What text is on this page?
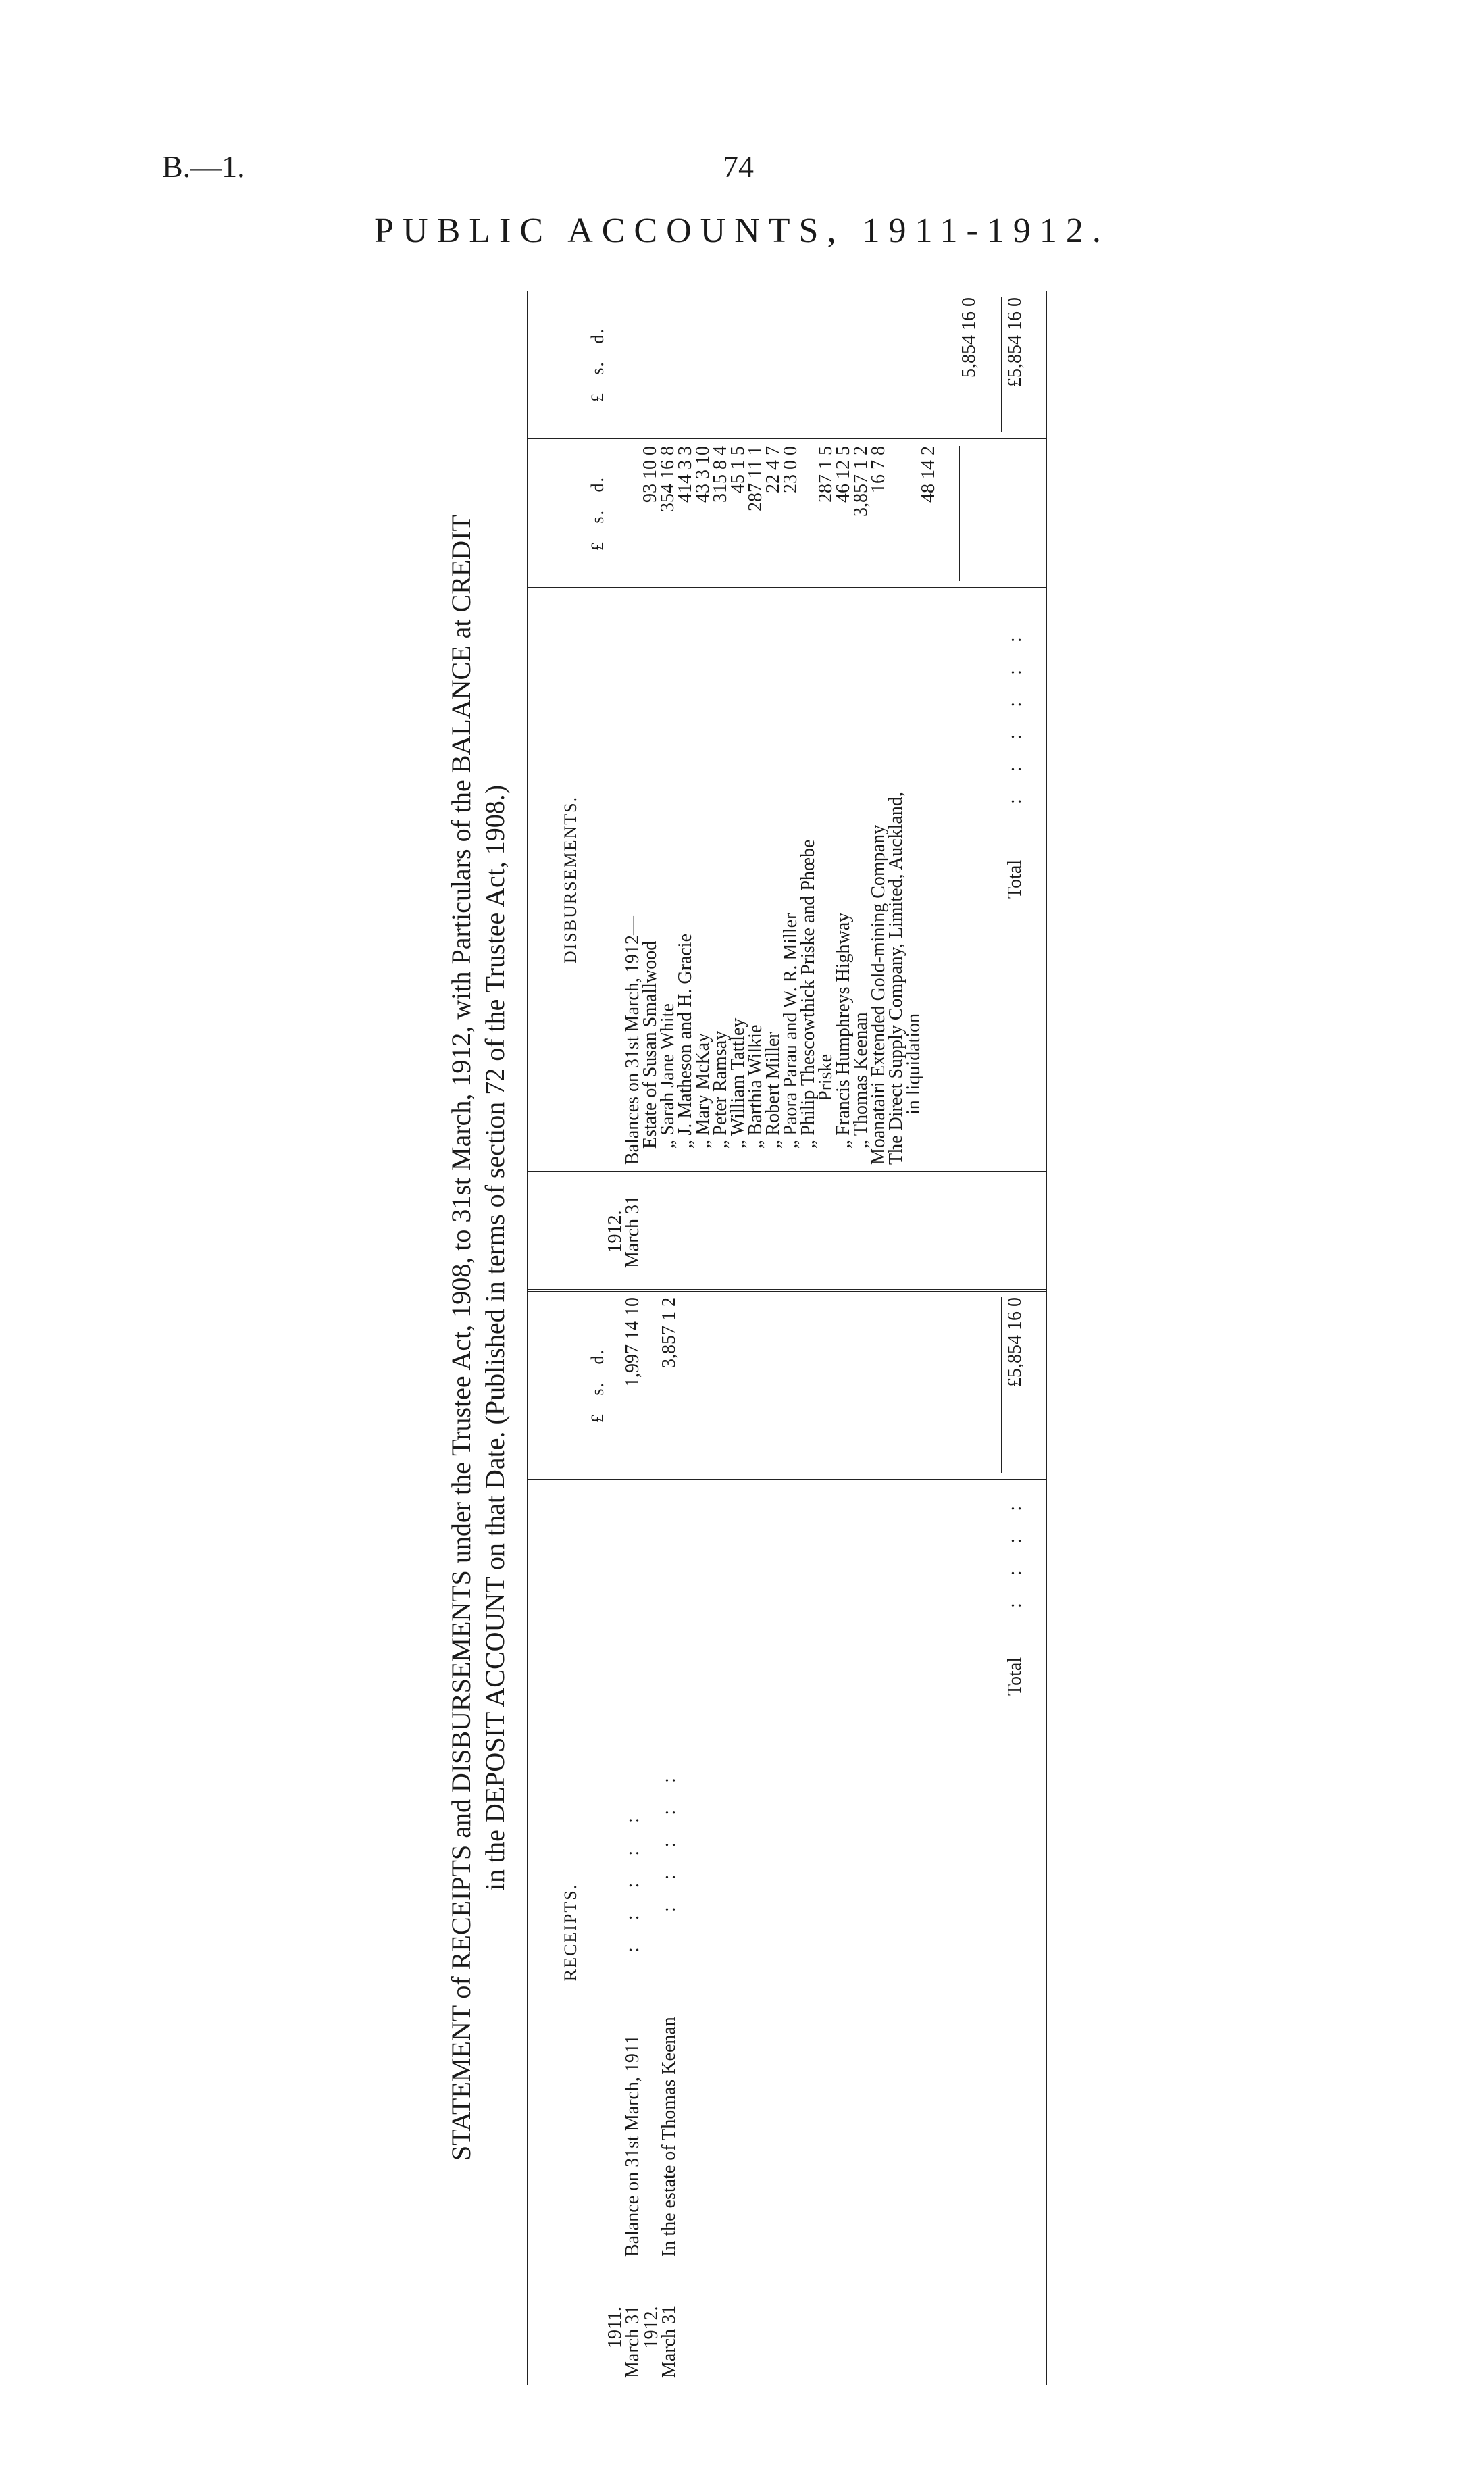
B.—1.	74
PUBLIC ACCOUNTS, 1911-1912.
STATEMENT of RECEIPTS and DISBURSEMENTS under the Trustee Act, 1908, to 31st March, 1912, with Particulars of the BALANCE at CREDIT in the DEPOSIT ACCOUNT on that Date. (Published in terms of section 72 of the Trustee Act, 1908.)
RECEIPTS.
£   s.   d.
1911.
March 31
Balance on 31st March, 1911
:::::
1,997 14 10
1912.
March 31
In the estate of Thomas Keenan
:::::
3,857 1 2
Total
::::
£5,854 16 0
1912.
March 31
DISBURSEMENTS.
£   s.   d.
£   s.   d.
Balances on 31st March, 1912—
Estate of Susan Smallwood
93 10 0
„ Sarah Jane White
354 16 8
„ J. Matheson and H. Gracie
414 3 3
„ Mary McKay
43 3 10
„ Peter Ramsay
315 8 4
„ William Tattley
45 1 5
„ Barthia Wilkie
287 11 1
„ Robert Miller
22 4 7
„ Paora Parau and W. R. Miller
23 0 0
„ Philip Thescowthick Priske and Phœbe
Priske
287 1 5
„ Francis Humphreys Highway
46 12 5
„ Thomas Keenan
3,857 1 2
Moanatairi Extended Gold-mining Company
16 7 8
The Direct Supply Company, Limited, Auckland,
in liquidation
48 14 2
5,854 16 0
Total
::::::
£5,854 16 0
